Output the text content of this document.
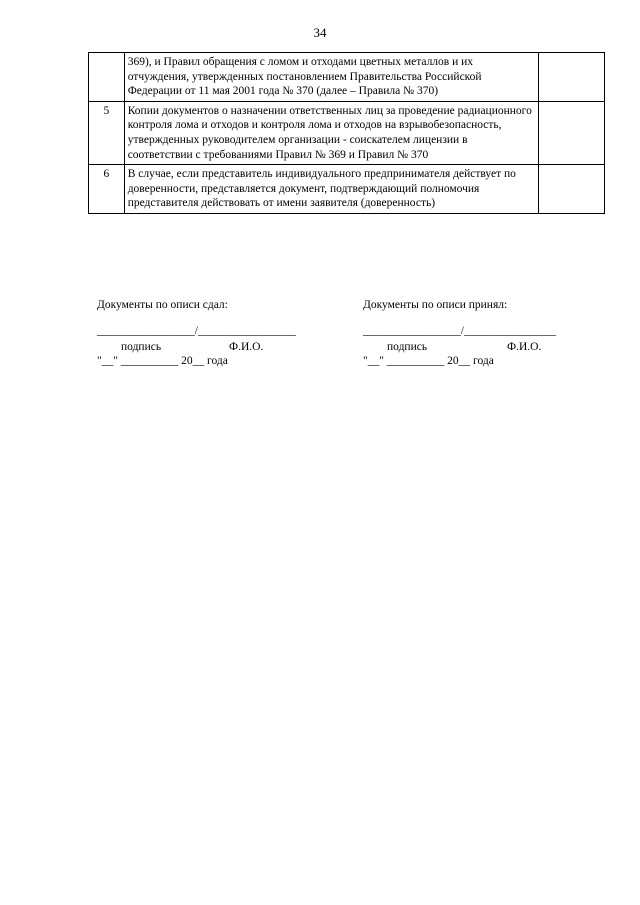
34
	369), и Правил обращения с ломом и отходами цветных металлов и их отчуждения, утвержденных постановлением Правительства Российской Федерации от 11 мая 2001 года № 370 (далее – Правила № 370)	
5	Копии документов о назначении ответственных лиц за проведение радиационного контроля лома и отходов и контроля лома и отходов на взрывобезопасность, утвержденных руководителем организации - соискателем лицензии в соответствии с требованиями Правил № 369 и Правил № 370	
6	В случае, если представитель индивидуального предпринимателя действует по доверенности, представляется документ, подтверждающий полномочия представителя действовать от имени заявителя (доверенность)	
Документы по описи сдал:
_________________/_________________
подпись	Ф.И.О.
"__" __________ 20__ года
Документы по описи принял:
_________________/________________
подпись	Ф.И.О.
"__" __________ 20__ года
